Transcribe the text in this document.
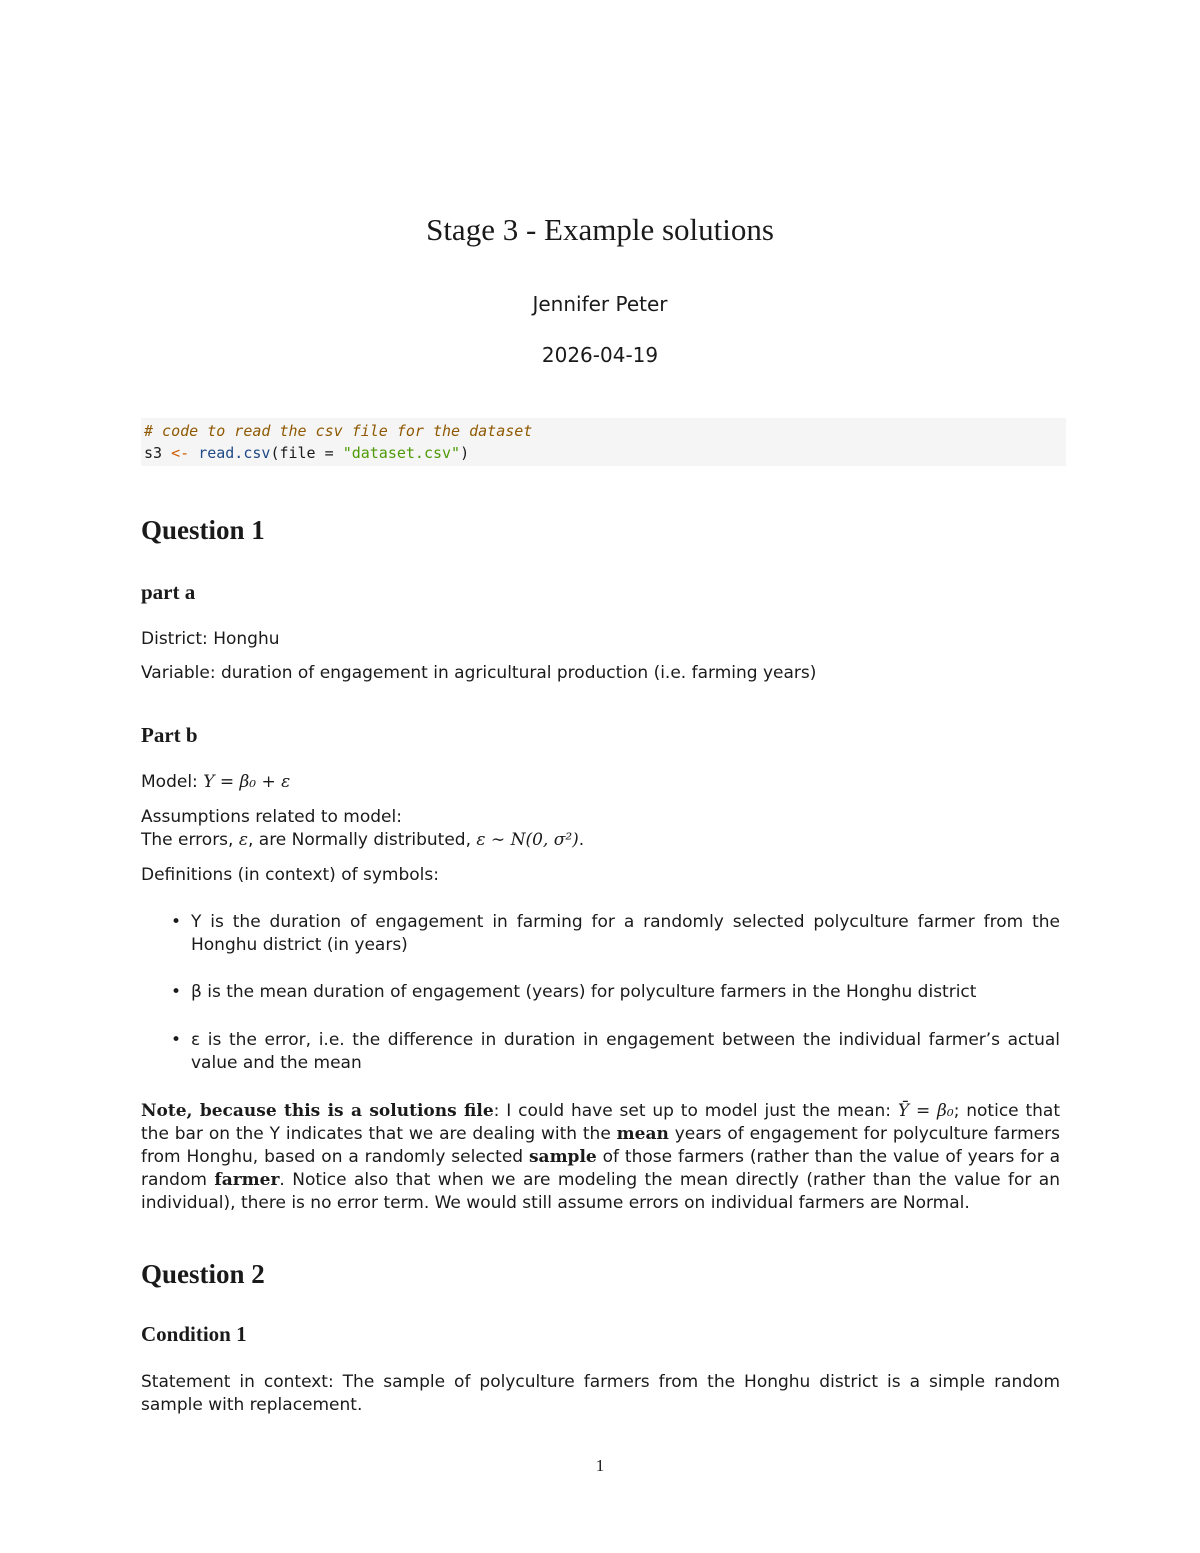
Stage 3 - Example solutions

Jennifer Peter

2026-04-19

# code to read the csv file for the dataset
s3 <- read.csv(file = "dataset.csv")
Question 1
part a

District: Honghu

Variable: duration of engagement in agricultural production (i.e. farming years)

Part b

Model: Y = β₀ + ε

Assumptions related to model:
The errors, ε, are Normally distributed, ε ∼ N(0, σ²).

Definitions (in context) of symbols:

• Y is the duration of engagement in farming for a randomly selected polyculture farmer from the Honghu district (in years)
• β is the mean duration of engagement (years) for polyculture farmers in the Honghu district
• ε is the error, i.e. the difference in duration in engagement between the individual farmer’s actual value and the mean

Note, because this is a solutions file: I could have set up to model just the mean: Ȳ = β₀; notice that the bar on the Y indicates that we are dealing with the mean years of engagement for polyculture farmers from Honghu, based on a randomly selected sample of those farmers (rather than the value of years for a random farmer. Notice also that when we are modeling the mean directly (rather than the value for an individual), there is no error term. We would still assume errors on individual farmers are Normal.

Question 2
Condition 1

Statement in context: The sample of polyculture farmers from the Honghu district is a simple random sample with replacement.

1
